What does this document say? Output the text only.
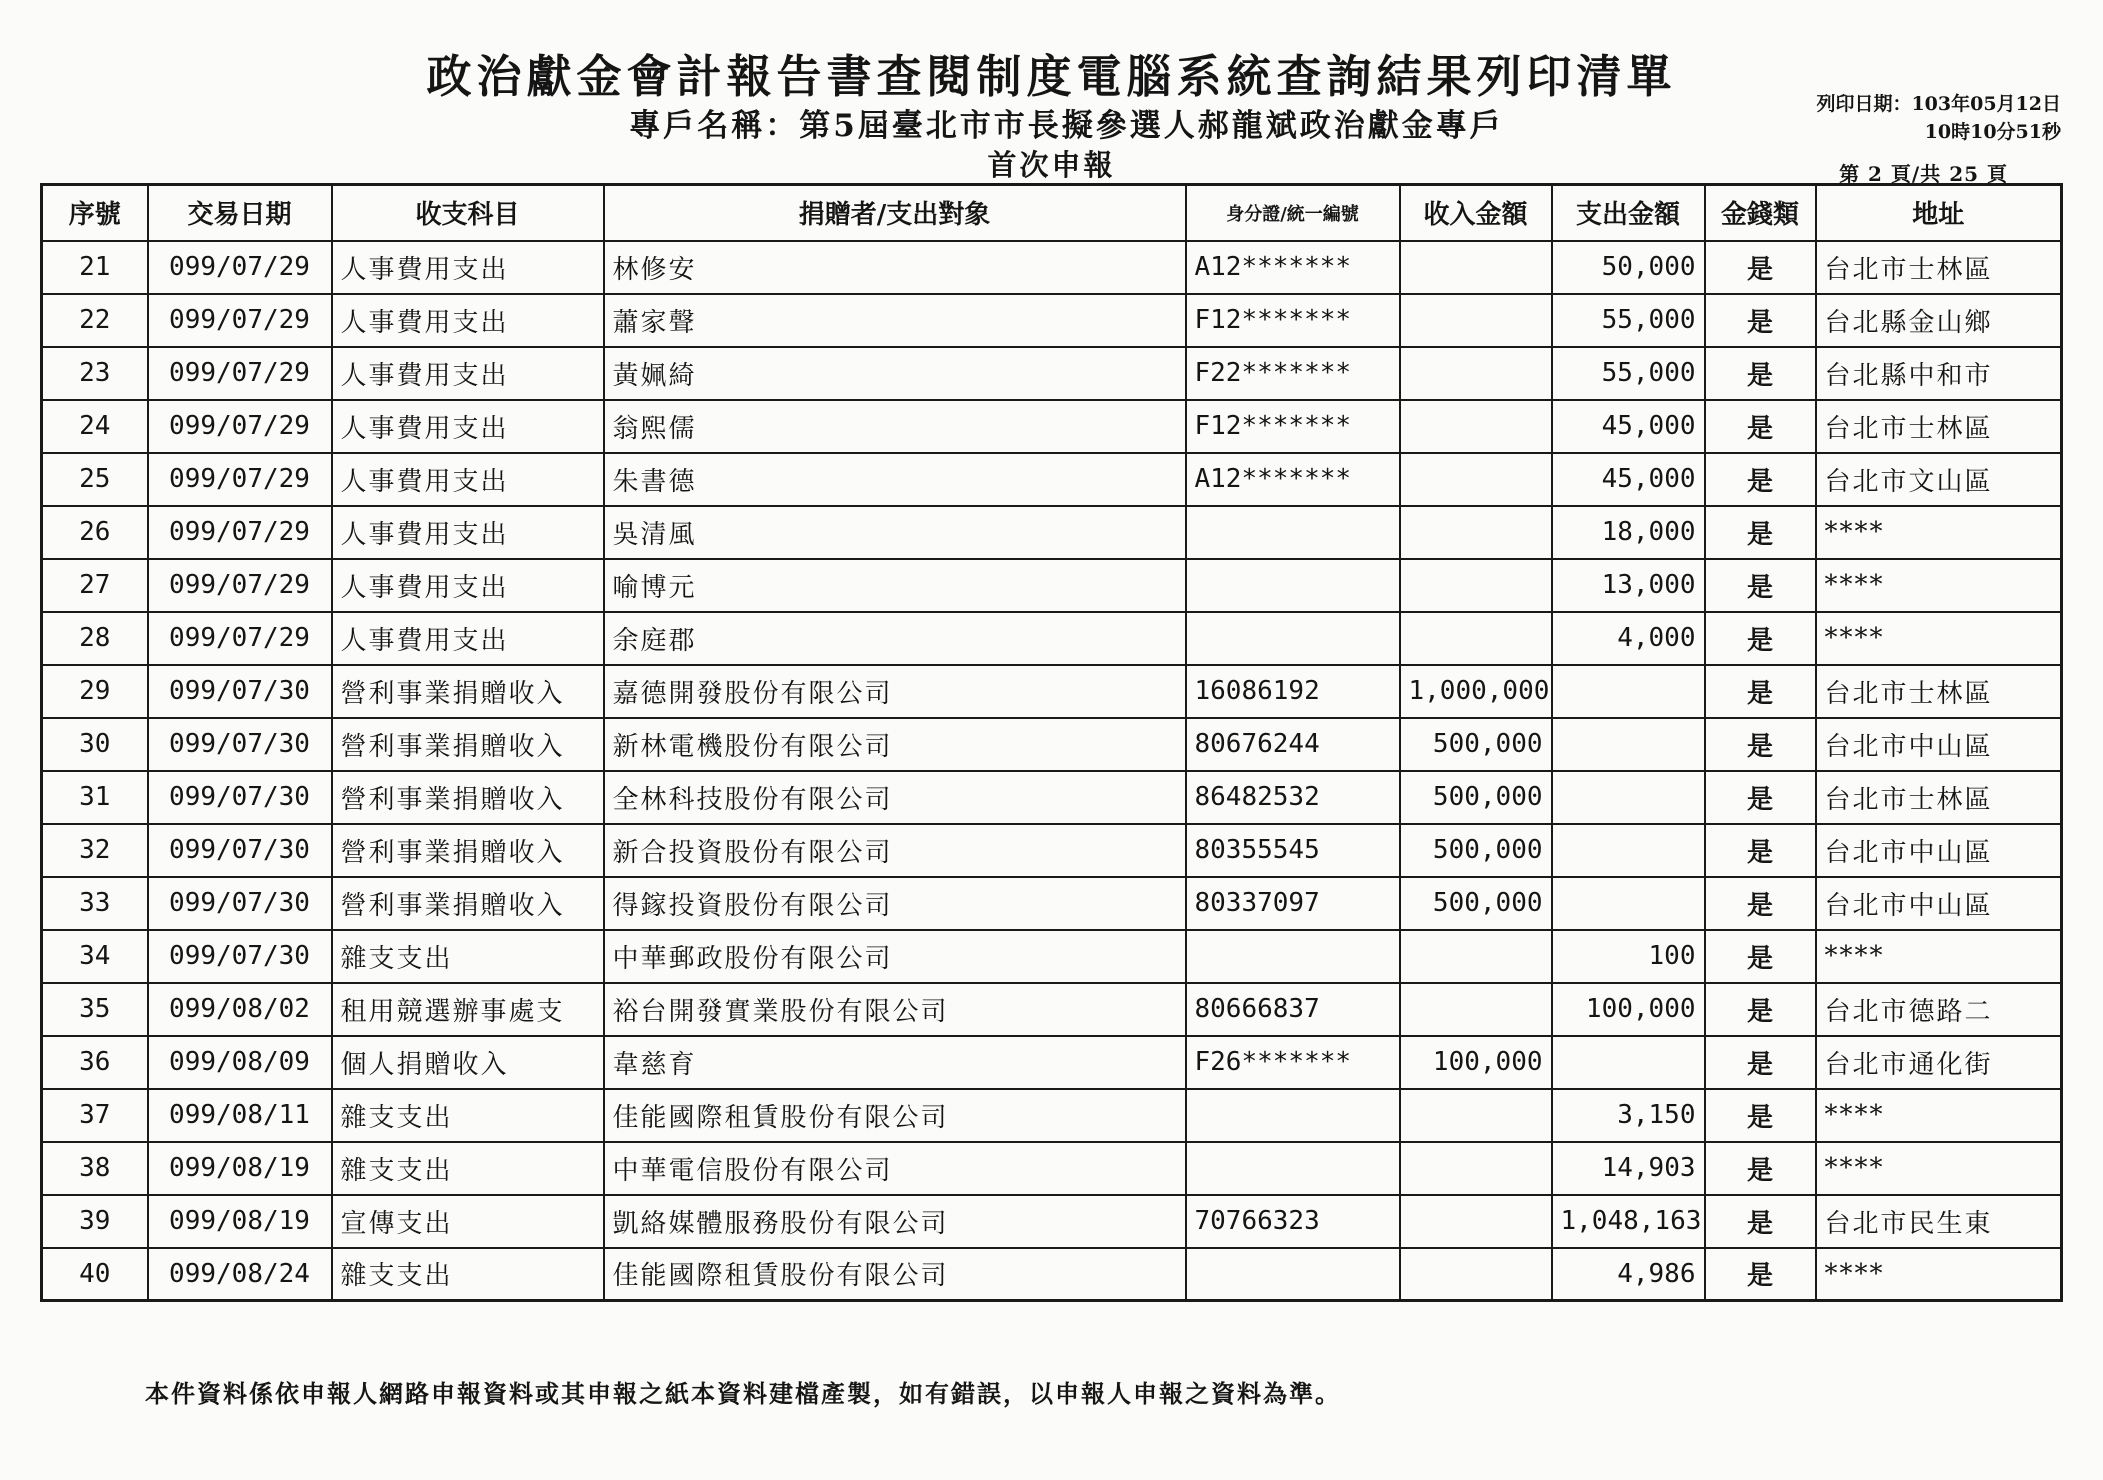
政治獻金會計報告書查閱制度電腦系統查詢結果列印清單
專戶名稱：第5屆臺北市市長擬參選人郝龍斌政治獻金專戶
首次申報
列印日期：103年05月12日
10時10分51秒
第 2 頁/共 25 頁
序號	交易日期	收支科目	捐贈者/支出對象	身分證/統一編號	收入金額	支出金額	金錢類	地址
21	099/07/29	人事費用支出	林修安	A12*******		50,000	是	台北市士林區
22	099/07/29	人事費用支出	蕭家聲	F12*******		55,000	是	台北縣金山鄉
23	099/07/29	人事費用支出	黃姵綺	F22*******		55,000	是	台北縣中和市
24	099/07/29	人事費用支出	翁熙儒	F12*******		45,000	是	台北市士林區
25	099/07/29	人事費用支出	朱書德	A12*******		45,000	是	台北市文山區
26	099/07/29	人事費用支出	吳清風			18,000	是	****
27	099/07/29	人事費用支出	喻博元			13,000	是	****
28	099/07/29	人事費用支出	余庭郡			4,000	是	****
29	099/07/30	營利事業捐贈收入	嘉德開發股份有限公司	16086192	1,000,000		是	台北市士林區
30	099/07/30	營利事業捐贈收入	新林電機股份有限公司	80676244	500,000		是	台北市中山區
31	099/07/30	營利事業捐贈收入	全林科技股份有限公司	86482532	500,000		是	台北市士林區
32	099/07/30	營利事業捐贈收入	新合投資股份有限公司	80355545	500,000		是	台北市中山區
33	099/07/30	營利事業捐贈收入	得鎵投資股份有限公司	80337097	500,000		是	台北市中山區
34	099/07/30	雜支支出	中華郵政股份有限公司			100	是	****
35	099/08/02	租用競選辦事處支	裕台開發實業股份有限公司	80666837		100,000	是	台北市德路二
36	099/08/09	個人捐贈收入	韋慈育	F26*******	100,000		是	台北市通化街
37	099/08/11	雜支支出	佳能國際租賃股份有限公司			3,150	是	****
38	099/08/19	雜支支出	中華電信股份有限公司			14,903	是	****
39	099/08/19	宣傳支出	凱絡媒體服務股份有限公司	70766323		1,048,163	是	台北市民生東
40	099/08/24	雜支支出	佳能國際租賃股份有限公司			4,986	是	****
本件資料係依申報人網路申報資料或其申報之紙本資料建檔產製，如有錯誤，以申報人申報之資料為準。
